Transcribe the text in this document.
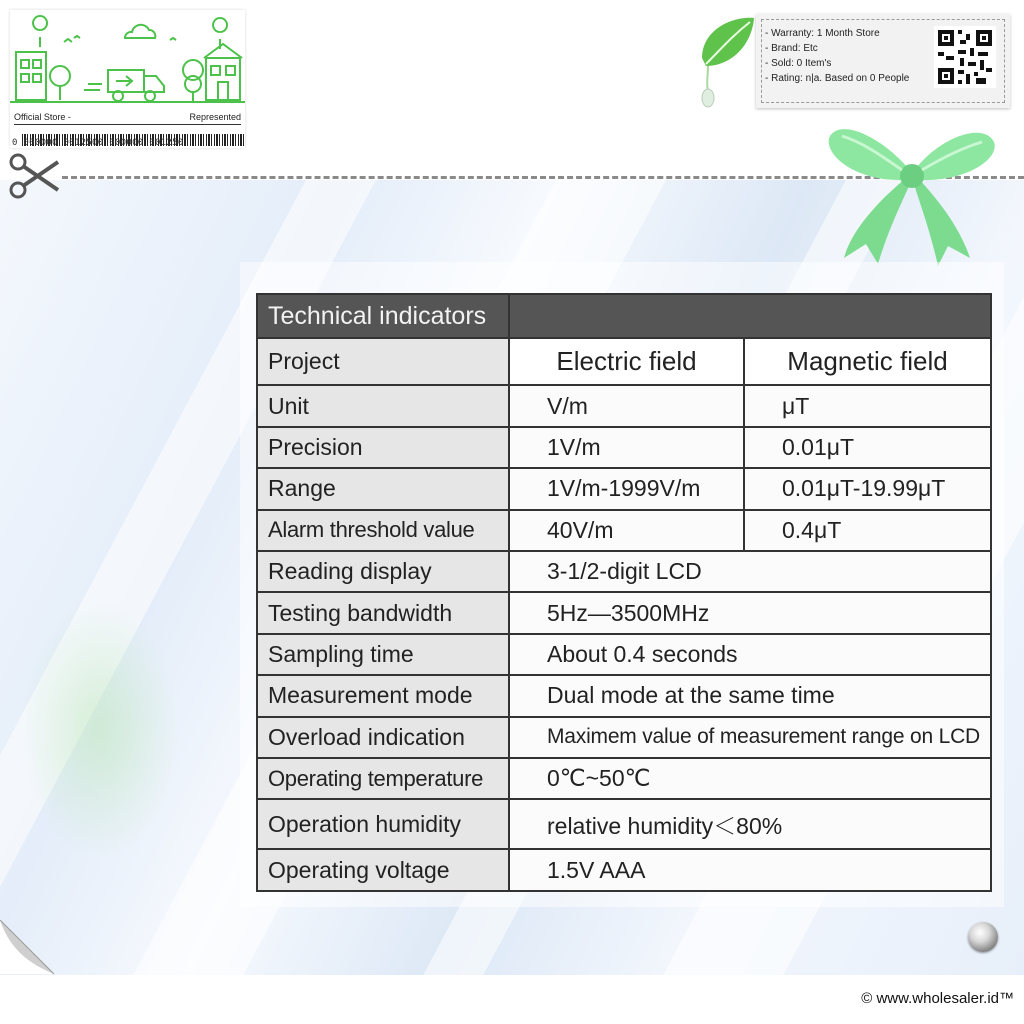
Official Store -	Represented
0 000000 0012500 000000 001250
- Warranty: 1 Month Store
- Brand: Etc
- Sold: 0 Item's
- Rating: n|a. Based on 0 People
Technical indicators		
Project	Electric field	Magnetic field
Unit	V/m	μT
Precision	1V/m	0.01μT
Range	1V/m-1999V/m	0.01μT-19.99μT
Alarm threshold value	40V/m	0.4μT
Reading display	3-1/2-digit LCD	
Testing bandwidth	5Hz—3500MHz	
Sampling time	About 0.4 seconds	
Measurement mode	Dual mode at the same time	
Overload indication	Maximem value of measurement range on LCD	
Operating temperature	0℃~50℃	
Operation humidity	relative humidity＜80%	
Operating voltage	1.5V AAA	
© www.wholesaler.id™
